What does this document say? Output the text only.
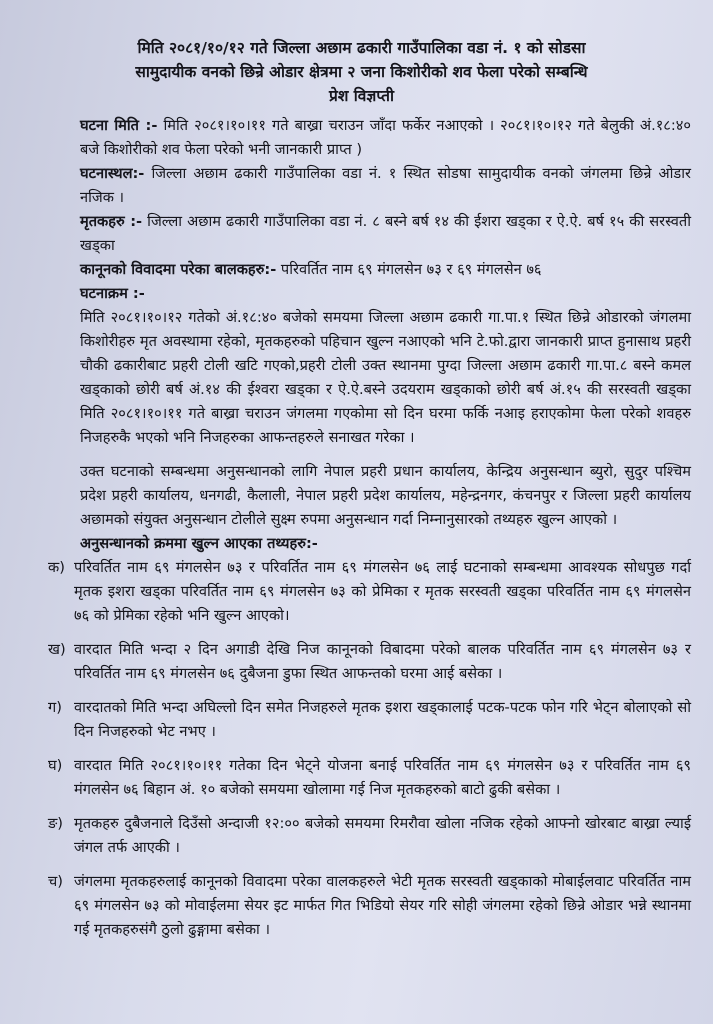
मिति २०८१/१०/१२ गते जिल्ला अछाम ढकारी गाउँपालिका वडा नं. १ को सोडसा
सामुदायीक वनको छिन्रे ओडार क्षेत्रमा २ जना किशोरीको शव फेला परेको सम्बन्धि
प्रेश विज्ञप्ती

घटना मिति :- मिति २०८१।१०।११ गते बाख्रा चराउन जाँदा फर्केर नआएको । २०८१।१०।१२ गते बेलुकी अं.१८:४० बजे किशोरीको शव फेला परेको भनी जानकारी प्राप्त )

घटनास्थल:- जिल्ला अछाम ढकारी गाउँपालिका वडा नं. १ स्थित सोडषा सामुदायीक वनको जंगलमा छिन्रे ओडार नजिक ।

मृतकहरु :- जिल्ला अछाम ढकारी गाउँपालिका वडा नं. ८ बस्ने बर्ष १४ की ईशरा खड्का र ऐ.ऐ. बर्ष १५ की सरस्वती खड्का

कानूनको विवादमा परेका बालकहरु:- परिवर्तित नाम ६९ मंगलसेन ७३ र ६९ मंगलसेन ७६

घटनाक्रम :-

मिति २०८१।१०।१२ गतेको अं.१८:४० बजेको समयमा जिल्ला अछाम ढकारी गा.पा.१ स्थित छिन्रे ओडारको जंगलमा किशोरीहरु मृत अवस्थामा रहेको, मृतकहरुको पहिचान खुल्न नआएको भनि टे.फो.द्वारा जानकारी प्राप्त हुनासाथ प्रहरी चौकी ढकारीबाट प्रहरी टोली खटि गएको,प्रहरी टोली उक्त स्थानमा पुग्दा जिल्ला अछाम ढकारी गा.पा.८ बस्ने कमल खड्काको छोरी बर्ष अं.१४ की ईश्वरा खड्का र ऐ.ऐ.बस्ने उदयराम खड्काको छोरी बर्ष अं.१५ की सरस्वती खड्का मिति २०८१।१०।११ गते बाख्रा चराउन जंगलमा गएकोमा सो दिन घरमा फर्कि नआइ हराएकोमा फेला परेको शवहरु निजहरुकै भएको भनि निजहरुका आफन्तहरुले सनाखत गरेका ।

उक्त घटनाको सम्बन्धमा अनुसन्धानको लागि नेपाल प्रहरी प्रधान कार्यालय, केन्द्रिय अनुसन्धान ब्युरो, सुदुर पश्चिम प्रदेश प्रहरी कार्यालय, धनगढी, कैलाली, नेपाल प्रहरी प्रदेश कार्यालय, महेन्द्रनगर, कंचनपुर र जिल्ला प्रहरी कार्यालय अछामको संयुक्त अनुसन्धान टोलीले सुक्ष्म रुपमा अनुसन्धान गर्दा निम्नानुसारको तथ्यहरु खुल्न आएको ।

अनुसन्धानको क्रममा खुल्न आएका तथ्यहरु:-

क) परिवर्तित नाम ६९ मंगलसेन ७३ र परिवर्तित नाम ६९ मंगलसेन ७६ लाई घटनाको सम्बन्धमा आवश्यक सोधपुछ गर्दा मृतक इशरा खड्का परिवर्तित नाम ६९ मंगलसेन ७३ को प्रेमिका र मृतक सरस्वती खड्का परिवर्तित नाम ६९ मंगलसेन ७६ को प्रेमिका रहेको भनि खुल्न आएको।
ख) वारदात मिति भन्दा २ दिन अगाडी देखि निज कानूनको विबादमा परेको बालक परिवर्तित नाम ६९ मंगलसेन ७३ र परिवर्तित नाम ६९ मंगलसेन ७६ दुबैजना डुफा स्थित आफन्तको घरमा आई बसेका ।
ग) वारदातको मिति भन्दा अघिल्लो दिन समेत निजहरुले मृतक इशरा खड्कालाई पटक-पटक फोन गरि भेट्न बोलाएको सो दिन निजहरुको भेट नभए ।
घ) वारदात मिति २०८१।१०।११ गतेका दिन भेट्ने योजना बनाई परिवर्तित नाम ६९ मंगलसेन ७३ र परिवर्तित नाम ६९ मंगलसेन ७६ बिहान अं. १० बजेको समयमा खोलामा गई निज मृतकहरुको बाटो ढुकी बसेका ।
ङ) मृतकहरु दुबैजनाले दिउँसो अन्दाजी १२:०० बजेको समयमा रिमरौवा खोला नजिक रहेको आफ्नो खोरबाट बाख्रा ल्याई जंगल तर्फ आएकी ।
च) जंगलमा मृतकहरुलाई कानूनको विवादमा परेका वालकहरुले भेटी मृतक सरस्वती खड्काको मोबाईलवाट परिवर्तित नाम ६९ मंगलसेन ७३ को मोवाईलमा सेयर इट मार्फत गित भिडियो सेयर गरि सोही जंगलमा रहेको छिन्रे ओडार भन्ने स्थानमा गई मृतकहरुसंगै ठुलो ढुङ्गामा बसेका ।
